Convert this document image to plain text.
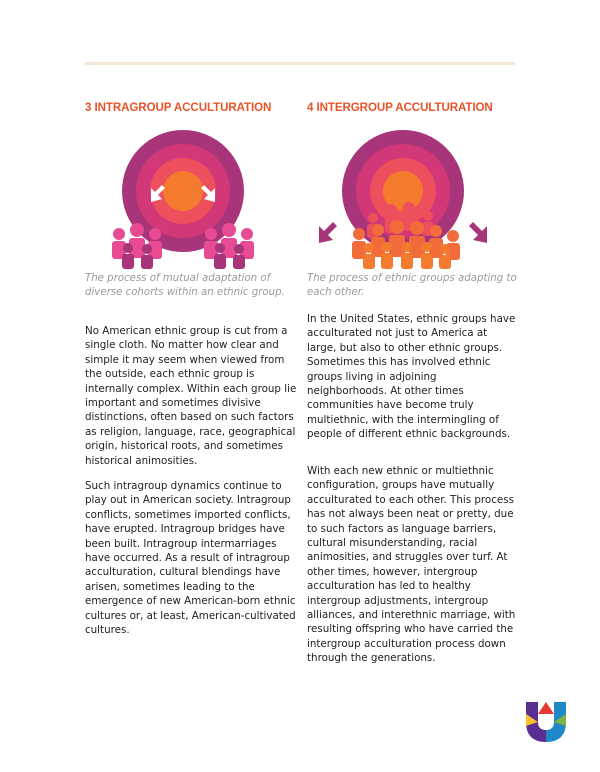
3 INTRAGROUP ACCULTURATION

The process of mutual adaptation of diverse cohorts within an ethnic group.

No American ethnic group is cut from a single cloth. No matter how clear and simple it may seem when viewed from the outside, each ethnic group is internally complex. Within each group lie important and sometimes divisive distinctions, often based on such factors as religion, language, race, geographical origin, historical roots, and sometimes historical animosities.

Such intragroup dynamics continue to play out in American society. Intragroup conflicts, sometimes imported conflicts, have erupted. Intragroup bridges have been built. Intragroup intermarriages have occurred. As a result of intragroup acculturation, cultural blendings have arisen, sometimes leading to the emergence of new American-born ethnic cultures or, at least, American-cultivated cultures.

4 INTERGROUP ACCULTURATION

The process of ethnic groups adapting to each other.

In the United States, ethnic groups have acculturated not just to America at large, but also to other ethnic groups. Sometimes this has involved ethnic groups living in adjoining neighborhoods. At other times communities have become truly multiethnic, with the intermingling of people of different ethnic backgrounds.

With each new ethnic or multiethnic configuration, groups have mutually acculturated to each other. This process has not always been neat or pretty, due to such factors as language barriers, cultural misunderstanding, racial animosities, and struggles over turf. At other times, however, intergroup acculturation has led to healthy intergroup adjustments, intergroup alliances, and interethnic marriage, with resulting offspring who have carried the intergroup acculturation process down through the generations.
